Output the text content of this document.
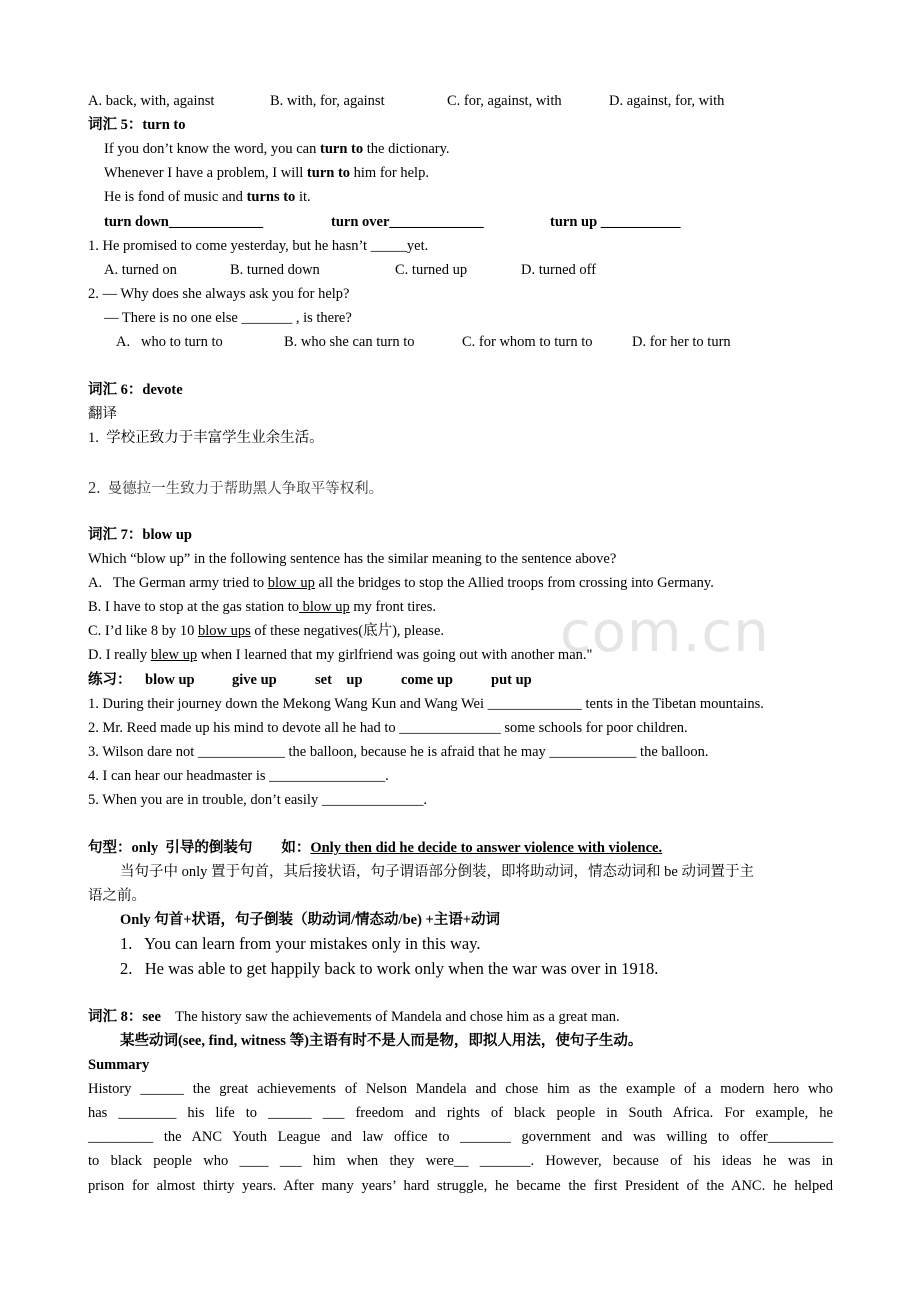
com.cn
A. back, with, against	B. with, for, against	C. for, against, with	D. against, for, with
词汇 5：turn to
If you don’t know the word, you can turn to the dictionary.
Whenever I have a problem, I will turn to him for help.
He is fond of music and turns to it.
turn down_____________	turn over_____________	turn up ___________
1. He promised to come yesterday, but he hasn’t _____yet.
A. turned on	B. turned down	C. turned up	D. turned off
2. — Why does she always ask you for help?
— There is no one else _______ , is there?
A.   who to turn to	B. who she can turn to	C. for whom to turn to	D. for her to turn
词汇 6：devote
翻译
1.  学校正致力于丰富学生业余生活。
2. 曼德拉一生致力于帮助黑人争取平等权利。
词汇 7：blow up
Which “blow up” in the following sentence has the similar meaning to the sentence above?
A.   The German army tried to blow up all the bridges to stop the Allied troops from crossing into Germany.
B. I have to stop at the gas station to blow up my front tires.
C. I’d like 8 by 10 blow ups of these negatives(底片), please.
D. I really blew up when I learned that my girlfriend was going out with another man."
练习： blow up	give up	set    up	come up	put up
1. During their journey down the Mekong Wang Kun and Wang Wei _____________ tents in the Tibetan mountains.
2. Mr. Reed made up his mind to devote all he had to ______________ some schools for poor children.
3. Wilson dare not ____________ the balloon, because he is afraid that he may ____________ the balloon.
4. I can hear our headmaster is ________________.
5. When you are in trouble, don’t easily ______________.
句型：only  引导的倒装句 如：Only then did he decide to answer violence with violence.
当句子中 only 置于句首，其后接状语，句子谓语部分倒装，即将助动词，情态动词和 be 动词置于主
语之前。
Only 句首+状语，句子倒装（助动词/情态动/be) +主语+动词
1.   You can learn from your mistakes only in this way.
2.   He was able to get happily back to work only when the war was over in 1918.
词汇 8：see The history saw the achievements of Mandela and chose him as a great man.
某些动词(see, find, witness 等)主语有时不是人而是物，即拟人用法，使句子生动。
Summary
History ______ the great achievements of Nelson Mandela and chose him as the example of a modern hero who
has ________ his life to ______ ___ freedom and rights of black people in South Africa. For example, he
_________ the ANC Youth League and law office to _______ government and was willing to offer_________
to black people who ____ ___ him when they were__ _______. However, because of his ideas he was in
prison for almost thirty years. After many years’ hard struggle, he became the first President of the ANC. he helped
